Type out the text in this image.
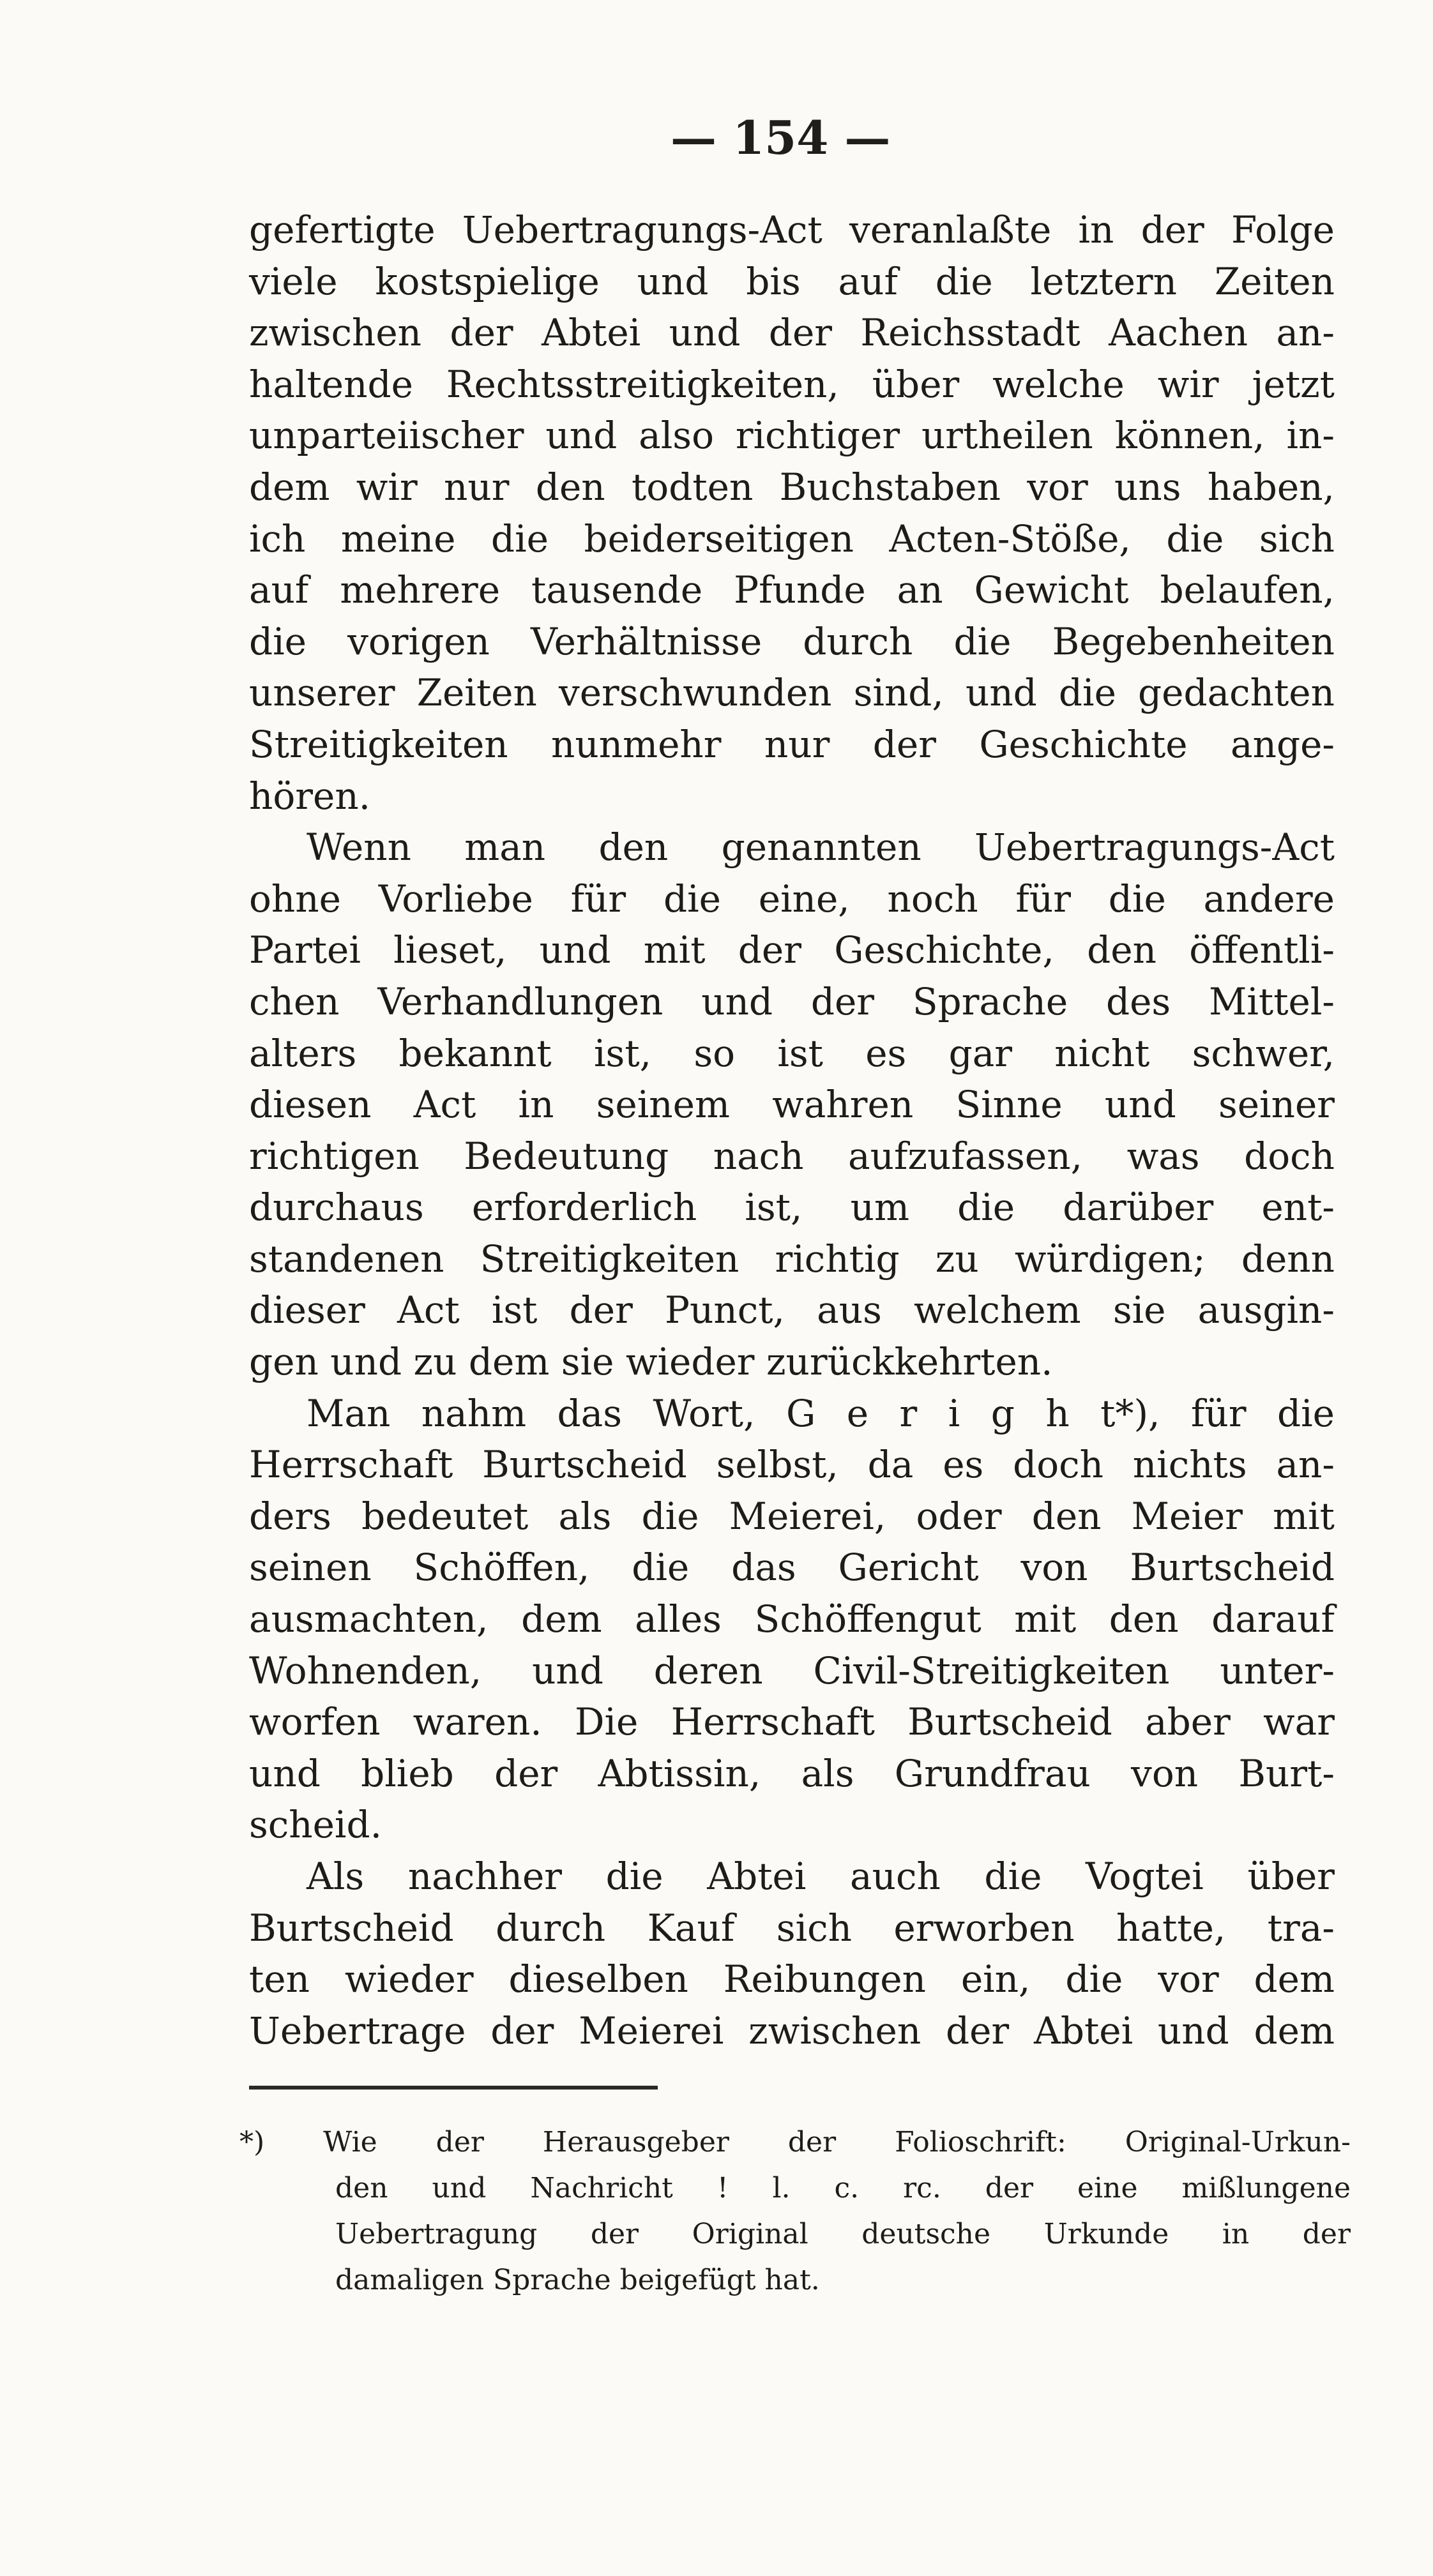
— 154 —
gefertigte Uebertragungs-Act veranlaßte in der Folge
viele kostspielige und bis auf die letztern Zeiten
zwischen der Abtei und der Reichsstadt Aachen an-
haltende Rechtsstreitigkeiten, über welche wir jetzt
unparteiischer und also richtiger urtheilen können, in-
dem wir nur den todten Buchstaben vor uns haben,
ich meine die beiderseitigen Acten-Stöße, die sich
auf mehrere tausende Pfunde an Gewicht belaufen,
die vorigen Verhältnisse durch die Begebenheiten
unserer Zeiten verschwunden sind, und die gedachten
Streitigkeiten nunmehr nur der Geschichte ange-
hören.
Wenn man den genannten Uebertragungs-Act
ohne Vorliebe für die eine, noch für die andere
Partei lieset, und mit der Geschichte, den öffentli-
chen Verhandlungen und der Sprache des Mittel-
alters bekannt ist, so ist es gar nicht schwer,
diesen Act in seinem wahren Sinne und seiner
richtigen Bedeutung nach aufzufassen, was doch
durchaus erforderlich ist, um die darüber ent-
standenen Streitigkeiten richtig zu würdigen; denn
dieser Act ist der Punct, aus welchem sie ausgin-
gen und zu dem sie wieder zurückkehrten.
Man nahm das Wort, G e r i g h t*), für die
Herrschaft Burtscheid selbst, da es doch nichts an-
ders bedeutet als die Meierei, oder den Meier mit
seinen Schöffen, die das Gericht von Burtscheid
ausmachten, dem alles Schöffengut mit den darauf
Wohnenden, und deren Civil-Streitigkeiten unter-
worfen waren. Die Herrschaft Burtscheid aber war
und blieb der Abtissin, als Grundfrau von Burt-
scheid.
Als nachher die Abtei auch die Vogtei über
Burtscheid durch Kauf sich erworben hatte, tra-
ten wieder dieselben Reibungen ein, die vor dem
Uebertrage der Meierei zwischen der Abtei und dem
*) Wie der Herausgeber der Folioschrift: Original-Urkun-
den und Nachricht ! l. c. rc. der eine mißlungene
Uebertragung der Original deutsche Urkunde in der
damaligen Sprache beigefügt hat.
